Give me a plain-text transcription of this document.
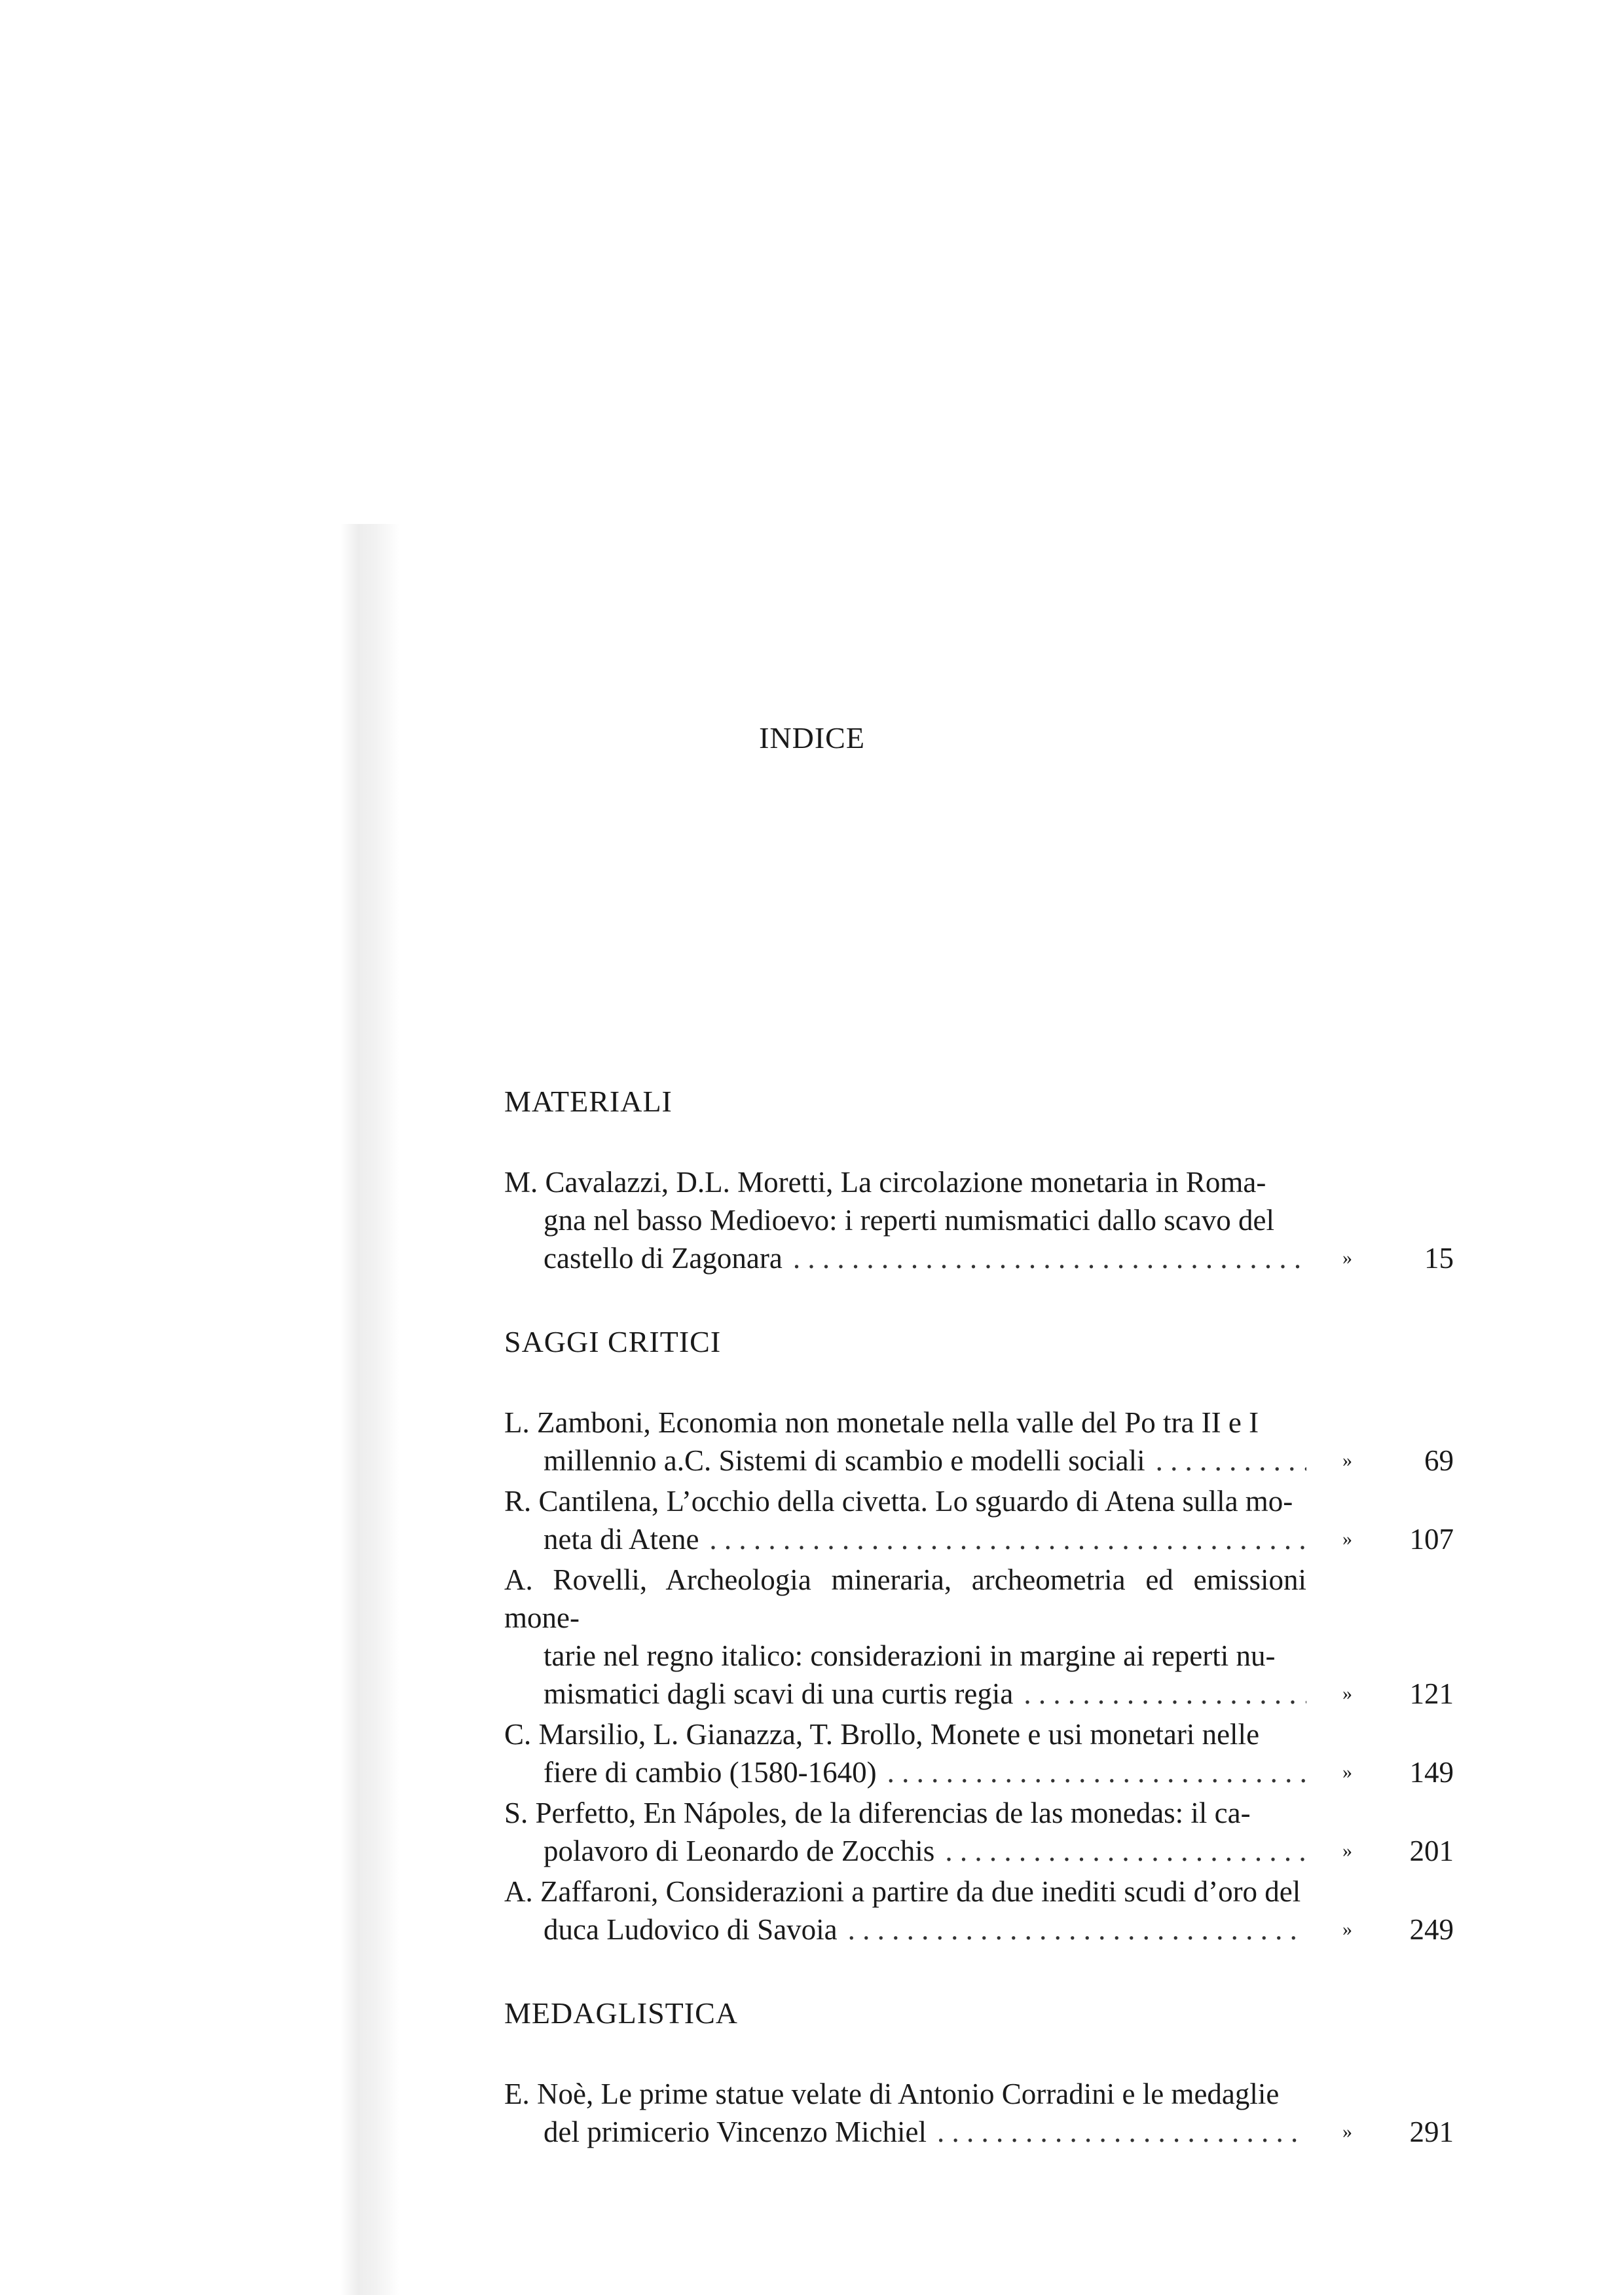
INDICE
MATERIALI
M. Cavalazzi, D.L. Moretti, La circolazione monetaria in Roma-
gna nel basso Medioevo: i reperti numismatici dallo scavo del
castello di Zagonara . . .	» 15
SAGGI CRITICI
L. Zamboni, Economia non monetale nella valle del Po tra II e I
millennio a.C. Sistemi di scambio e modelli sociali . . .	» 69
R. Cantilena, L’occhio della civetta. Lo sguardo di Atena sulla mo-
neta di Atene . . .	» 107
A. Rovelli, Archeologia mineraria, archeometria ed emissioni mone-
tarie nel regno italico: considerazioni in margine ai reperti nu-
mismatici dagli scavi di una curtis regia . . .	» 121
C. Marsilio, L. Gianazza, T. Brollo, Monete e usi monetari nelle
fiere di cambio (1580-1640) . . .	» 149
S. Perfetto, En Nápoles, de la diferencias de las monedas: il ca-
polavoro di Leonardo de Zocchis . . .	» 201
A. Zaffaroni, Considerazioni a partire da due inediti scudi d’oro del
duca Ludovico di Savoia . . .	» 249
MEDAGLISTICA
E. Noè, Le prime statue velate di Antonio Corradini e le medaglie
del primicerio Vincenzo Michiel . . .	» 291
